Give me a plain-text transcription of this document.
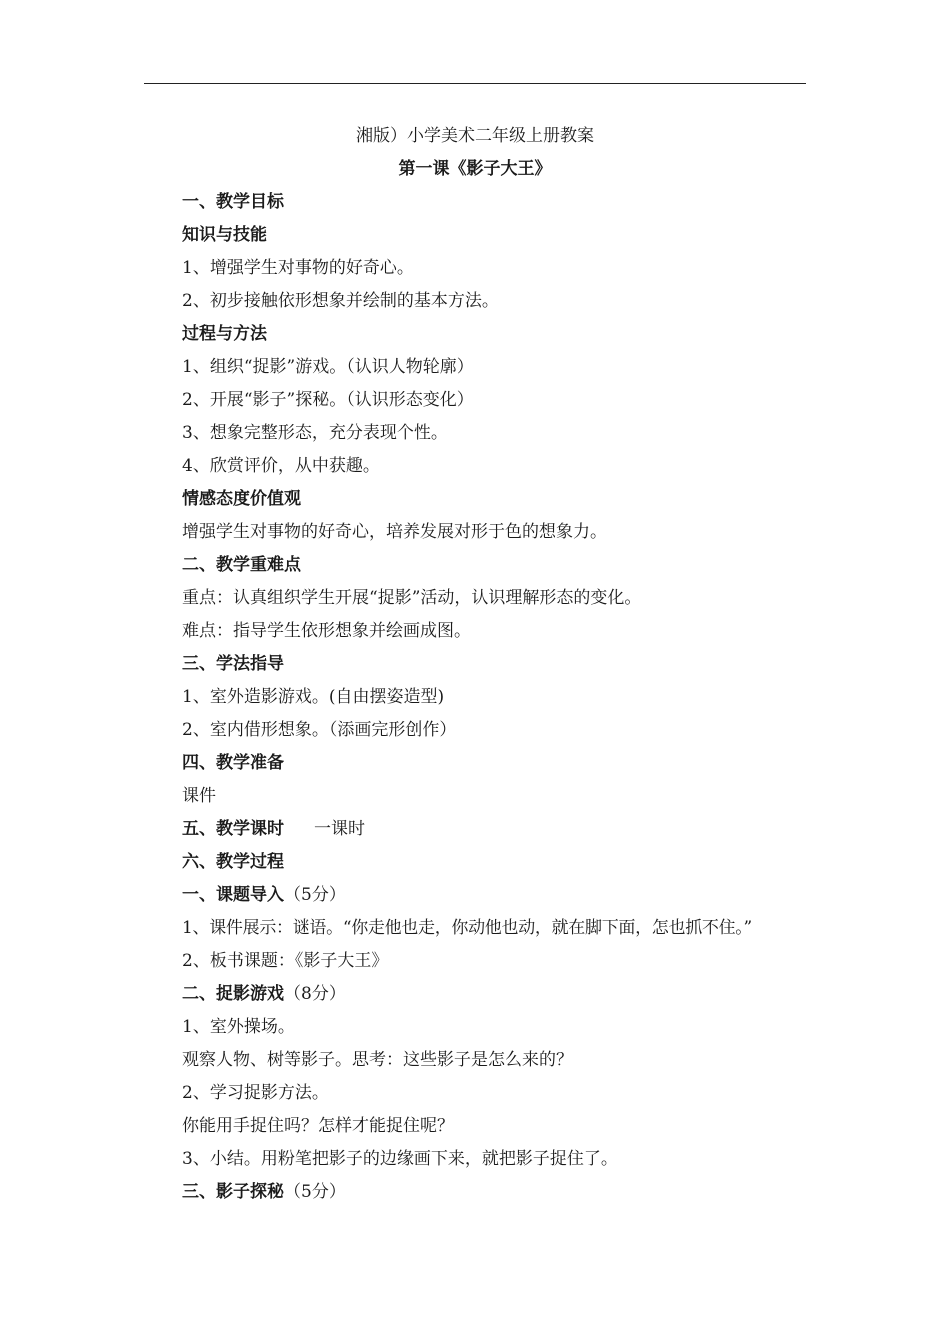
湘版）小学美术二年级上册教案
第一课《影子大王》
一、教学目标
知识与技能
1、增强学生对事物的好奇心。
2、初步接触依形想象并绘制的基本方法。
过程与方法
1、组织“捉影”游戏。（认识人物轮廓）
2、开展“影子”探秘。（认识形态变化）
3、想象完整形态，充分表现个性。
4、欣赏评价，从中获趣。
情感态度价值观
增强学生对事物的好奇心，培养发展对形于色的想象力。
二、教学重难点
重点：认真组织学生开展“捉影”活动，认识理解形态的变化。
难点：指导学生依形想象并绘画成图。
三、学法指导
1、室外造影游戏。(自由摆姿造型)
2、室内借形想象。（添画完形创作）
四、教学准备
课件
五、教学课时 一课时
六、教学过程
一、课题导入（5分）
1、课件展示：谜语。“你走他也走，你动他也动，就在脚下面，怎也抓不住。”
2、板书课题：《影子大王》
二、捉影游戏（8分）
1、室外操场。
观察人物、树等影子。思考：这些影子是怎么来的？
2、学习捉影方法。
你能用手捉住吗？怎样才能捉住呢？
3、小结。用粉笔把影子的边缘画下来，就把影子捉住了。
三、影子探秘（5分）
